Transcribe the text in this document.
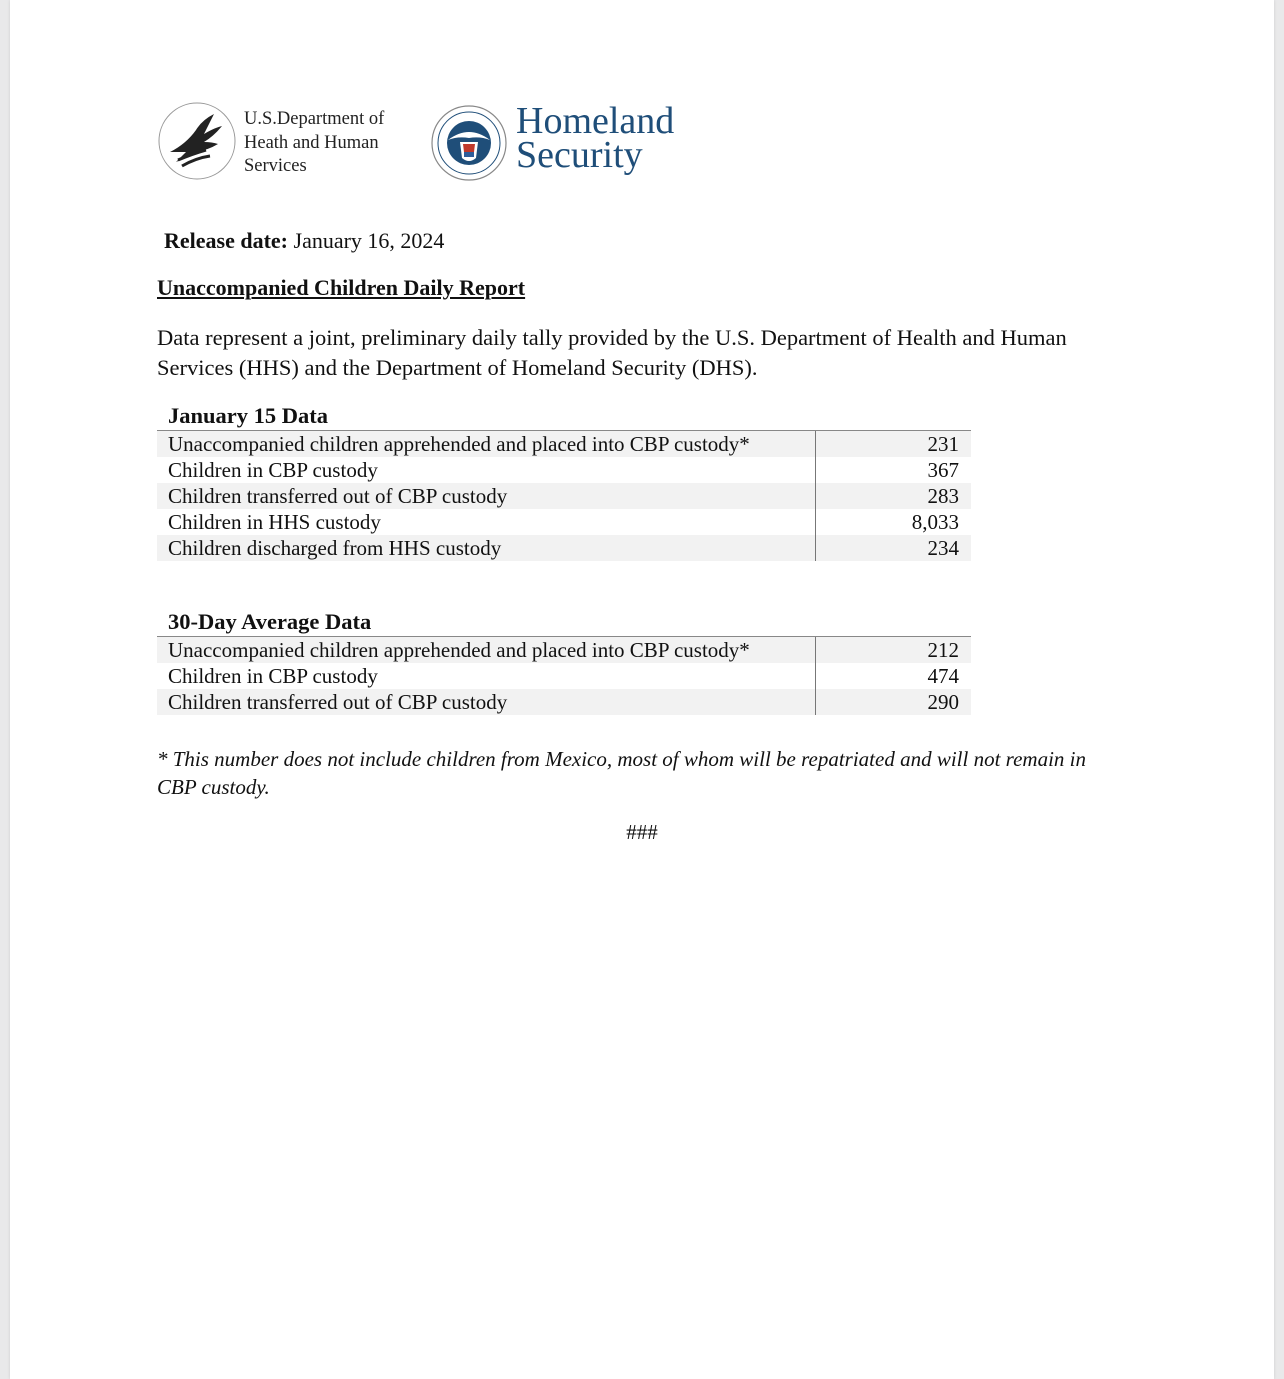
U.S.Department of
Heath and Human
Services
Homeland
Security
Release date: January 16, 2024
Unaccompanied Children Daily Report
Data represent a joint, preliminary daily tally provided by the U.S. Department of Health and Human Services (HHS) and the Department of Homeland Security (DHS).
January 15 Data
Unaccompanied children apprehended and placed into CBP custody*	231
Children in CBP custody	367
Children transferred out of CBP custody	283
Children in HHS custody	8,033
Children discharged from HHS custody	234
30-Day Average Data
Unaccompanied children apprehended and placed into CBP custody*	212
Children in CBP custody	474
Children transferred out of CBP custody	290
* This number does not include children from Mexico, most of whom will be repatriated and will not remain in CBP custody.
###
